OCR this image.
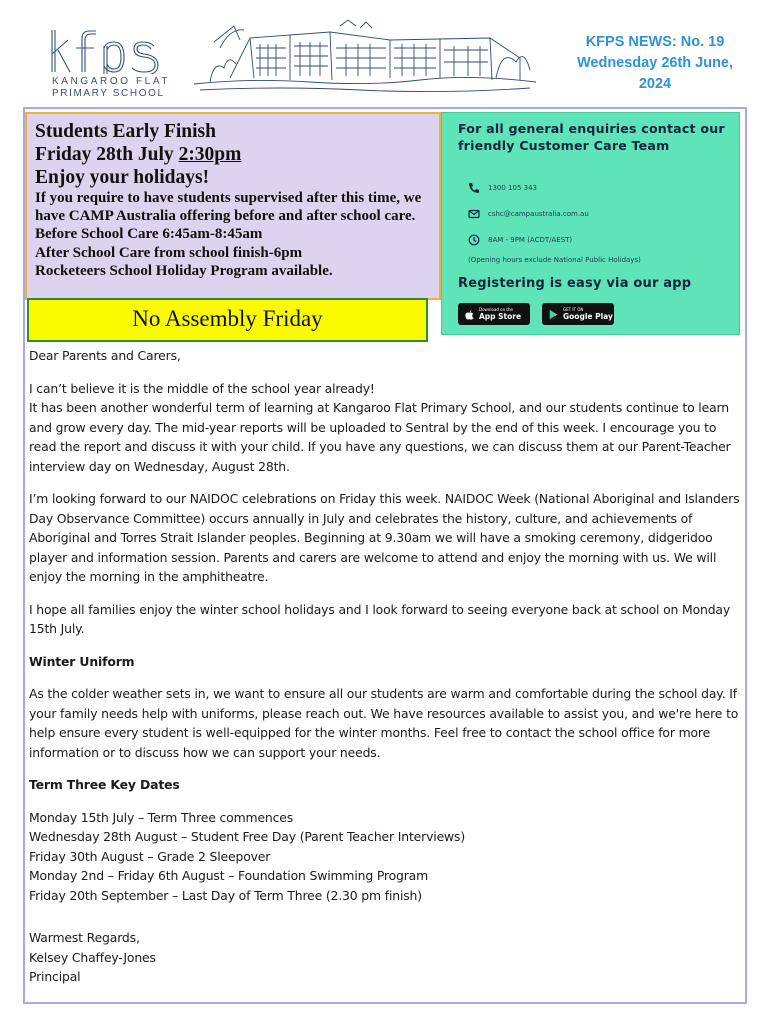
KANGAROO FLAT
PRIMARY SCHOOL
KFPS NEWS: No. 19
Wednesday 26th June,
2024
Students Early Finish
Friday 28th July 2:30pm
Enjoy your holidays!
If you require to have students supervised after this time, we have CAMP Australia offering before and after school care.
Before School Care 6:45am-8:45am
After School Care from school finish-6pm
Rocketeers School Holiday Program available.
No Assembly Friday
For all general enquiries contact our friendly Customer Care Team
1300 105 343
cshc@campaustralia.com.au
8AM - 9PM (ACDT/AEST)
(Opening hours exclude National Public Holidays)
Registering is easy via our app
Download on the
App Store
GET IT ON
Google Play

Dear Parents and Carers,

I can’t believe it is the middle of the school year already!
It has been another wonderful term of learning at Kangaroo Flat Primary School, and our students continue to learn and grow every day. The mid-year reports will be uploaded to Sentral by the end of this week. I encourage you to read the report and discuss it with your child. If you have any questions, we can discuss them at our Parent-Teacher interview day on Wednesday, August 28th.

I’m looking forward to our NAIDOC celebrations on Friday this week. NAIDOC Week (National Aboriginal and Islanders Day Observance Committee) occurs annually in July and celebrates the history, culture, and achievements of Aboriginal and Torres Strait Islander peoples. Beginning at 9.30am we will have a smoking ceremony, didgeridoo player and information session. Parents and carers are welcome to attend and enjoy the morning with us. We will enjoy the morning in the amphitheatre.

I hope all families enjoy the winter school holidays and I look forward to seeing everyone back at school on Monday 15th July.

Winter Uniform

As the colder weather sets in, we want to ensure all our students are warm and comfortable during the school day. If your family needs help with uniforms, please reach out. We have resources available to assist you, and we're here to help ensure every student is well-equipped for the winter months. Feel free to contact the school office for more information or to discuss how we can support your needs.

Term Three Key Dates

Monday 15th July – Term Three commences
Wednesday 28th August – Student Free Day (Parent Teacher Interviews)
Friday 30th August – Grade 2 Sleepover
Monday 2nd – Friday 6th August – Foundation Swimming Program
Friday 20th September – Last Day of Term Three (2.30 pm finish)
Warmest Regards,
Kelsey Chaffey-Jones
Principal
